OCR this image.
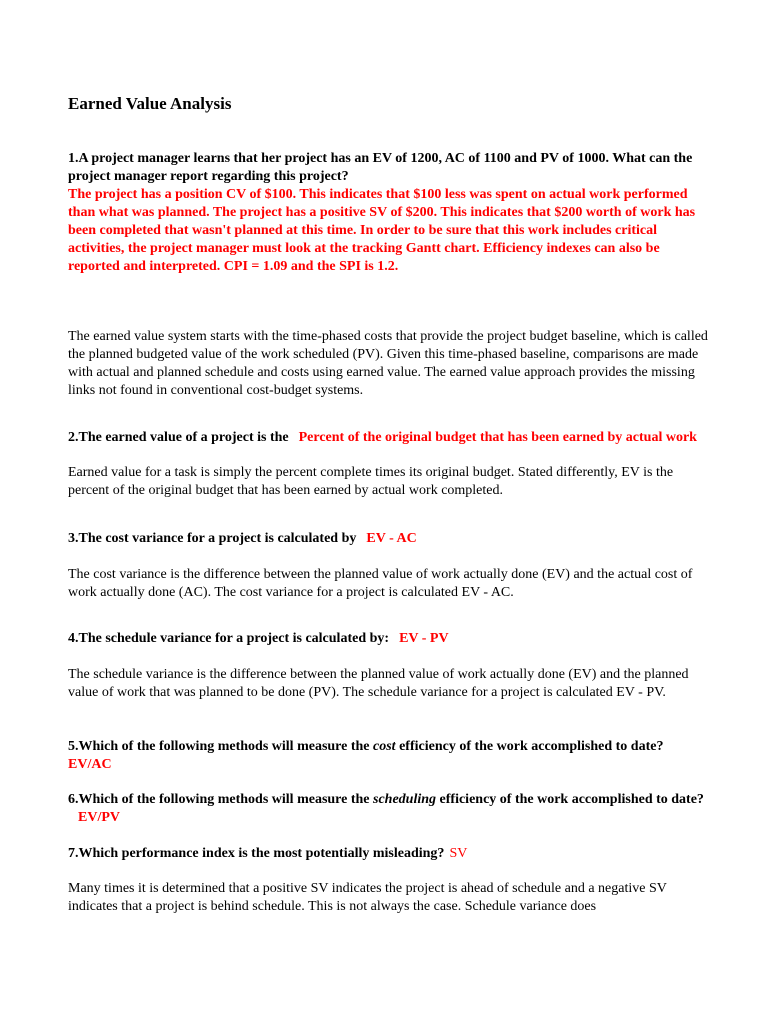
Earned Value Analysis
1.A project manager learns that her project has an EV of 1200, AC of 1100 and PV of 1000. What can the project manager report regarding this project?
The project has a position CV of $100. This indicates that $100 less was spent on actual work performed than what was planned. The project has a positive SV of $200. This indicates that $200 worth of work has been completed that wasn't planned at this time. In order to be sure that this work includes critical activities, the project manager must look at the tracking Gantt chart. Efficiency indexes can also be reported and interpreted. CPI = 1.09 and the SPI is 1.2.
The earned value system starts with the time-phased costs that provide the project budget baseline, which is called the planned budgeted value of the work scheduled (PV). Given this time-phased baseline, comparisons are made with actual and planned schedule and costs using earned value. The earned value approach provides the missing links not found in conventional cost-budget systems.
2.The earned value of a project is the Percent of the original budget that has been earned by actual work
Earned value for a task is simply the percent complete times its original budget. Stated differently, EV is the percent of the original budget that has been earned by actual work completed.
3.The cost variance for a project is calculated by EV - AC
The cost variance is the difference between the planned value of work actually done (EV) and the actual cost of work actually done (AC). The cost variance for a project is calculated EV - AC.
4.The schedule variance for a project is calculated by: EV - PV
The schedule variance is the difference between the planned value of work actually done (EV) and the planned value of work that was planned to be done (PV). The schedule variance for a project is calculated EV - PV.
5.Which of the following methods will measure the cost efficiency of the work accomplished to date?EV/AC
6.Which of the following methods will measure the scheduling efficiency of the work accomplished to date?EV/PV
7.Which performance index is the most potentially misleading? SV
Many times it is determined that a positive SV indicates the project is ahead of schedule and a negative SV indicates that a project is behind schedule. This is not always the case. Schedule variance does
